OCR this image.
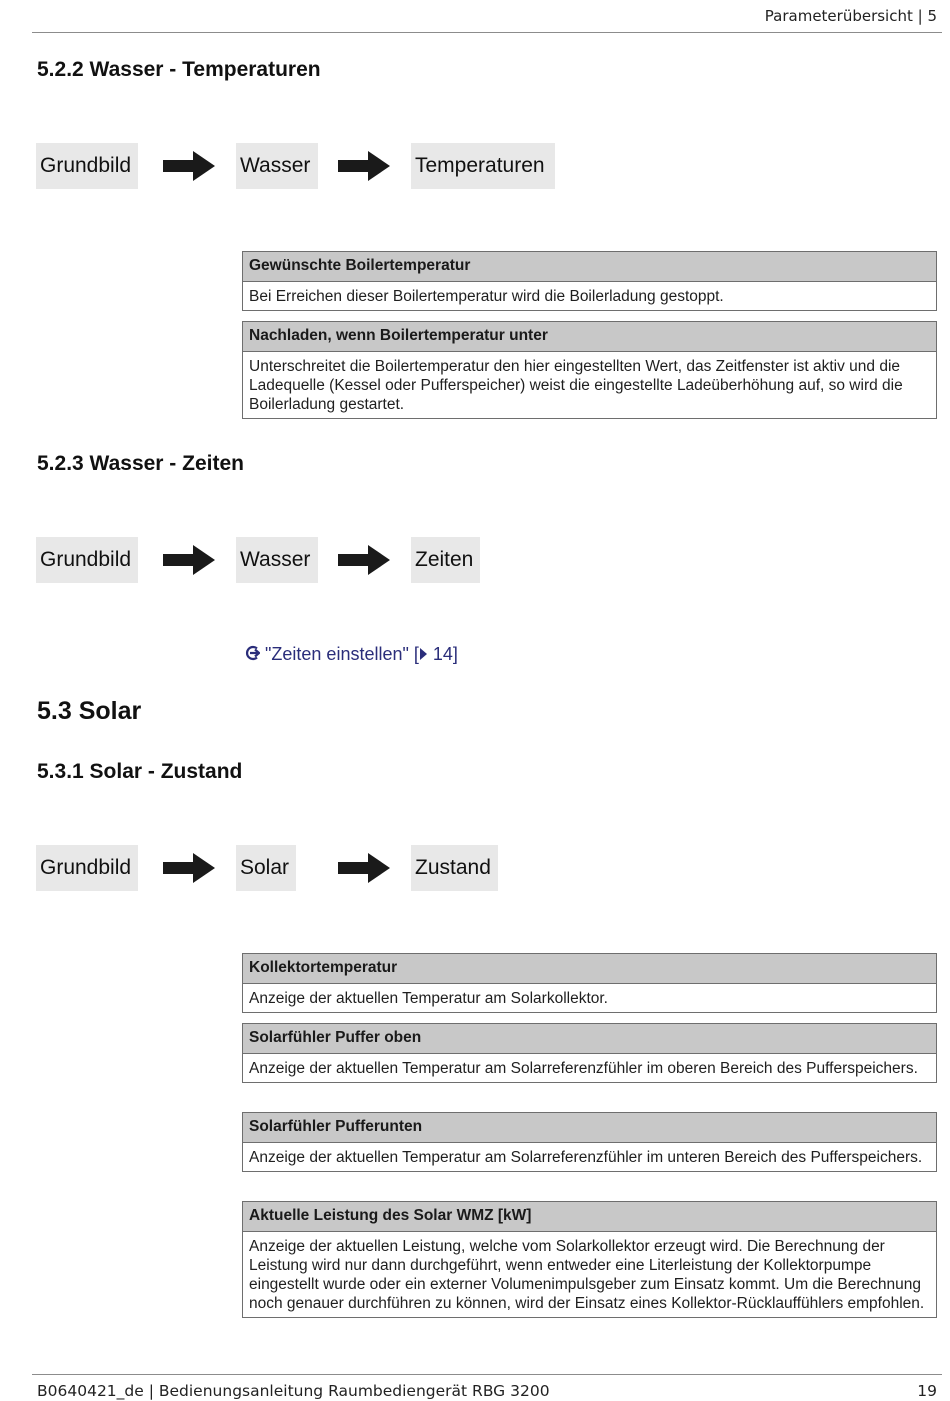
Parameterübersicht | 5
5.2.2 Wasser - Temperaturen
Grundbild	Wasser	Temperaturen
Gewünschte Boilertemperatur
Bei Erreichen dieser Boilertemperatur wird die Boilerladung gestoppt.
Nachladen, wenn Boilertemperatur unter
Unterschreitet die Boilertemperatur den hier eingestellten Wert, das Zeitfenster ist aktiv und die Ladequelle (Kessel oder Pufferspeicher) weist die eingestellte Ladeüberhöhung auf, so wird die Boilerladung gestartet.
5.2.3 Wasser - Zeiten
Grundbild	Wasser	Zeiten
"Zeiten einstellen" [ 14]
5.3 Solar
5.3.1 Solar - Zustand
Grundbild	Solar	Zustand
Kollektortemperatur
Anzeige der aktuellen Temperatur am Solarkollektor.
Solarfühler Puffer oben
Anzeige der aktuellen Temperatur am Solarreferenzfühler im oberen Bereich des Pufferspeichers.
Solarfühler Pufferunten
Anzeige der aktuellen Temperatur am Solarreferenzfühler im unteren Bereich des Pufferspeichers.
Aktuelle Leistung des Solar WMZ [kW]
Anzeige der aktuellen Leistung, welche vom Solarkollektor erzeugt wird. Die Berechnung der Leistung wird nur dann durchgeführt, wenn entweder eine Literleistung der Kollektorpumpe eingestellt wurde oder ein externer Volumenimpulsgeber zum Einsatz kommt. Um die Berechnung noch genauer durchführen zu können, wird der Einsatz eines Kollektor-Rücklauffühlers empfohlen.
B0640421_de | Bedienungsanleitung Raumbediengerät RBG 3200	19
